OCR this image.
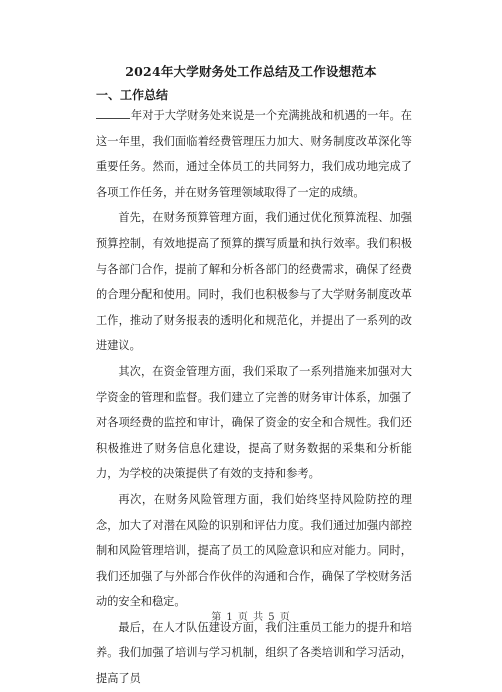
2024年大学财务处工作总结及工作设想范本
一、工作总结

年对于大学财务处来说是一个充满挑战和机遇的一年。在这一年里，我们面临着经费管理压力加大、财务制度改革深化等重要任务。然而，通过全体员工的共同努力，我们成功地完成了各项工作任务，并在财务管理领域取得了一定的成绩。

首先，在财务预算管理方面，我们通过优化预算流程、加强预算控制，有效地提高了预算的撰写质量和执行效率。我们积极与各部门合作，提前了解和分析各部门的经费需求，确保了经费的合理分配和使用。同时，我们也积极参与了大学财务制度改革工作，推动了财务报表的透明化和规范化，并提出了一系列的改进建议。

其次，在资金管理方面，我们采取了一系列措施来加强对大学资金的管理和监督。我们建立了完善的财务审计体系，加强了对各项经费的监控和审计，确保了资金的安全和合规性。我们还积极推进了财务信息化建设，提高了财务数据的采集和分析能力，为学校的决策提供了有效的支持和参考。

再次，在财务风险管理方面，我们始终坚持风险防控的理念，加大了对潜在风险的识别和评估力度。我们通过加强内部控制和风险管理培训，提高了员工的风险意识和应对能力。同时，我们还加强了与外部合作伙伴的沟通和合作，确保了学校财务活动的安全和稳定。

最后，在人才队伍建设方面，我们注重员工能力的提升和培养。我们加强了培训与学习机制，组织了各类培训和学习活动，提高了员

第 1 页 共 5 页
